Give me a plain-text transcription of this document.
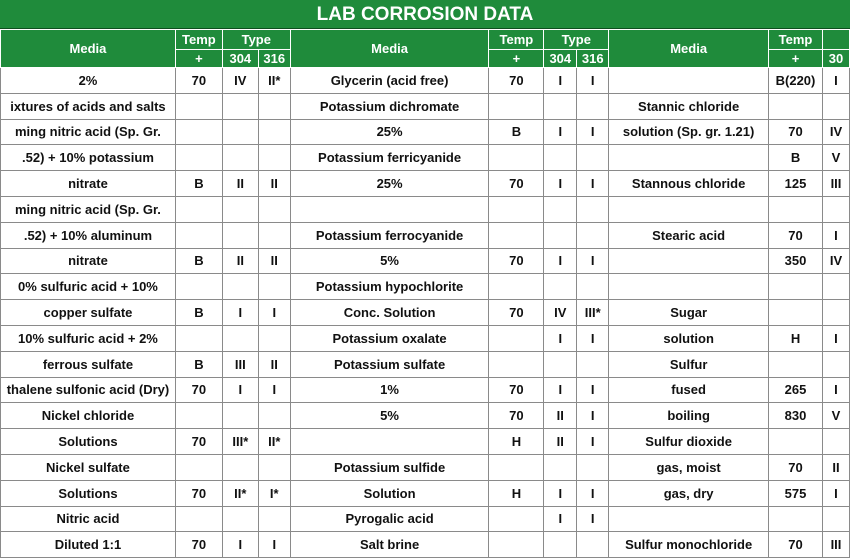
LAB CORROSION DATA
Media	Temp	Type		Media	Temp	Type		Media	Temp	
	+	304	316		+	304	316		+	30
2%	70	IV	II*	Glycerin (acid free)	70	I	I		B(220)	I
ixtures of acids and salts				Potassium dichromate				Stannic chloride		
ming nitric acid (Sp. Gr.				25%	B	I	I	solution (Sp. gr. 1.21)	70	IV
.52) + 10% potassium				Potassium ferricyanide					B	V
nitrate	B	II	II	25%	70	I	I	Stannous chloride	125	III
ming nitric acid (Sp. Gr.										
.52) + 10% aluminum				Potassium ferrocyanide				Stearic acid	70	I
nitrate	B	II	II	5%	70	I	I		350	IV
0% sulfuric acid + 10%				Potassium hypochlorite						
copper sulfate	B	I	I	Conc. Solution	70	IV	III*	Sugar		
10% sulfuric acid + 2%				Potassium oxalate		I	I	solution	H	I
ferrous sulfate	B	III	II	Potassium sulfate				Sulfur		
thalene sulfonic acid (Dry)	70	I	I	1%	70	I	I	fused	265	I
Nickel chloride				5%	70	II	I	boiling	830	V
Solutions	70	III*	II*		H	II	I	Sulfur dioxide		
Nickel sulfate				Potassium sulfide				gas, moist	70	II
Solutions	70	II*	I*	Solution	H	I	I	gas, dry	575	I
Nitric acid				Pyrogalic acid		I	I			
Diluted 1:1	70	I	I	Salt brine				Sulfur monochloride	70	III
